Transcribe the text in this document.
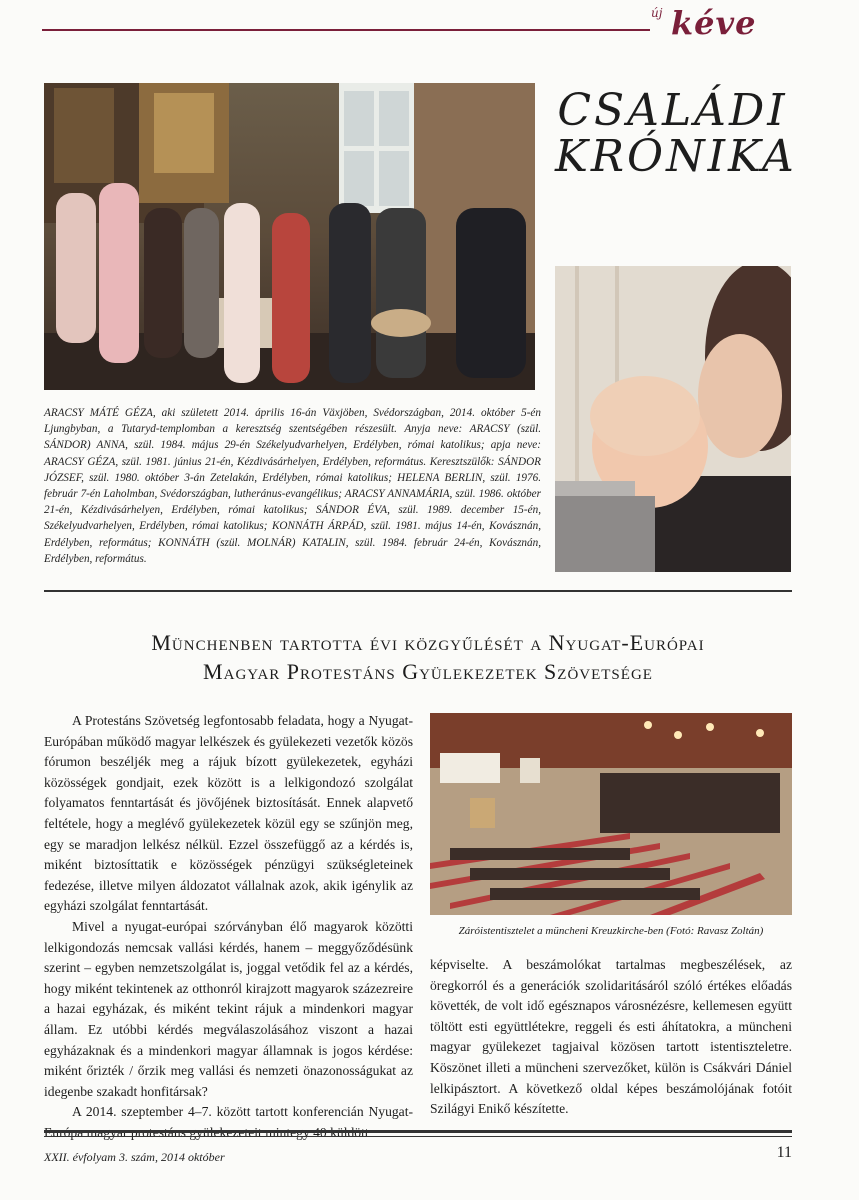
új kéve
CSALÁDI
KRÓNIKA
ARACSY MÁTÉ GÉZA, aki született 2014. április 16-án Växjöben, Svédországban, 2014. október 5-én Ljungbyban, a Tutaryd-templomban a keresztség szentségében részesült. Anyja neve: ARACSY (szül. SÁNDOR) ANNA, szül. 1984. május 29-én Székelyudvarhelyen, Erdélyben, római katolikus; apja neve: ARACSY GÉZA, szül. 1981. június 21-én, Kézdivásárhelyen, Erdélyben, református. Keresztszülők: SÁNDOR JÓZSEF, szül. 1980. október 3-án Zetelakán, Erdélyben, római katolikus; HELENA BERLIN, szül. 1976. február 7-én Laholmban, Svédországban, lutheránus-evangélikus; ARACSY ANNAMÁRIA, szül. 1986. október 21-én, Kézdivásárhelyen, Erdélyben, római katolikus; SÁNDOR ÉVA, szül. 1989. december 15-én, Székelyudvarhelyen, Erdélyben, római katolikus; KONNÁTH ÁRPÁD, szül. 1981. május 14-én, Kovásznán, Erdélyben, református; KONNÁTH (szül. MOLNÁR) KATALIN, szül. 1984. február 24-én, Kovásznán, Erdélyben, református.
Münchenben tartotta évi közgyűlését a Nyugat-Európai
Magyar Protestáns Gyülekezetek Szövetsége

A Protestáns Szövetség legfontosabb feladata, hogy a Nyugat-Európában működő magyar lelkészek és gyülekezeti vezetők közös fórumon beszéljék meg a rájuk bízott gyülekezetek, egyházi közösségek gondjait, ezek között is a lelkigondozó szolgálat folyamatos fenntartását és jövőjének biztosítását. Ennek alapvető feltétele, hogy a meglévő gyülekezetek közül egy se szűnjön meg, egy se maradjon lelkész nélkül. Ezzel összefüggő az a kérdés is, miként biztosíttatik e közösségek pénzügyi szükségleteinek fedezése, illetve milyen áldozatot vállalnak azok, akik igénylik az egyházi szolgálat fenntartását.

Mivel a nyugat-európai szórványban élő magyarok közötti lelkigondozás nemcsak vallási kérdés, hanem – meggyőződésünk szerint – egyben nemzetszolgálat is, joggal vetődik fel az a kérdés, hogy miként tekintenek az otthonról kirajzott magyarok százezreire a hazai egyházak, és miként tekint rájuk a mindenkori magyar állam. Ez utóbbi kérdés megválaszolásához viszont a hazai egyházaknak és a mindenkori magyar államnak is jogos kérdése: miként őrizték / őrzik meg vallási és nemzeti önazonosságukat az idegenbe szakadt honfitársak?

A 2014. szeptember 4–7. között tartott konferencián Nyugat-

Záróistentisztelet a müncheni Kreuzkirche-ben (Fotó: Ravasz Zoltán)

képviselte. A beszámolókat tartalmas megbeszélések, az öregkorról és a generációk szolidaritásáról szóló értékes előadás követték, de volt idő egésznapos városnézésre, kellemesen együtt töltött esti együttlétekre, reggeli és esti áhítatokra, a müncheni magyar gyülekezet tagjaival közösen tartott istentiszteletre. Köszönet illeti a müncheni szervezőket, külön is Csákvári Dániel lelkipásztort. A következő oldal képes beszámolójának fotóit Szilágyi Enikő készítette.

XXII. évfolyam 3. szám, 2014 október	11
